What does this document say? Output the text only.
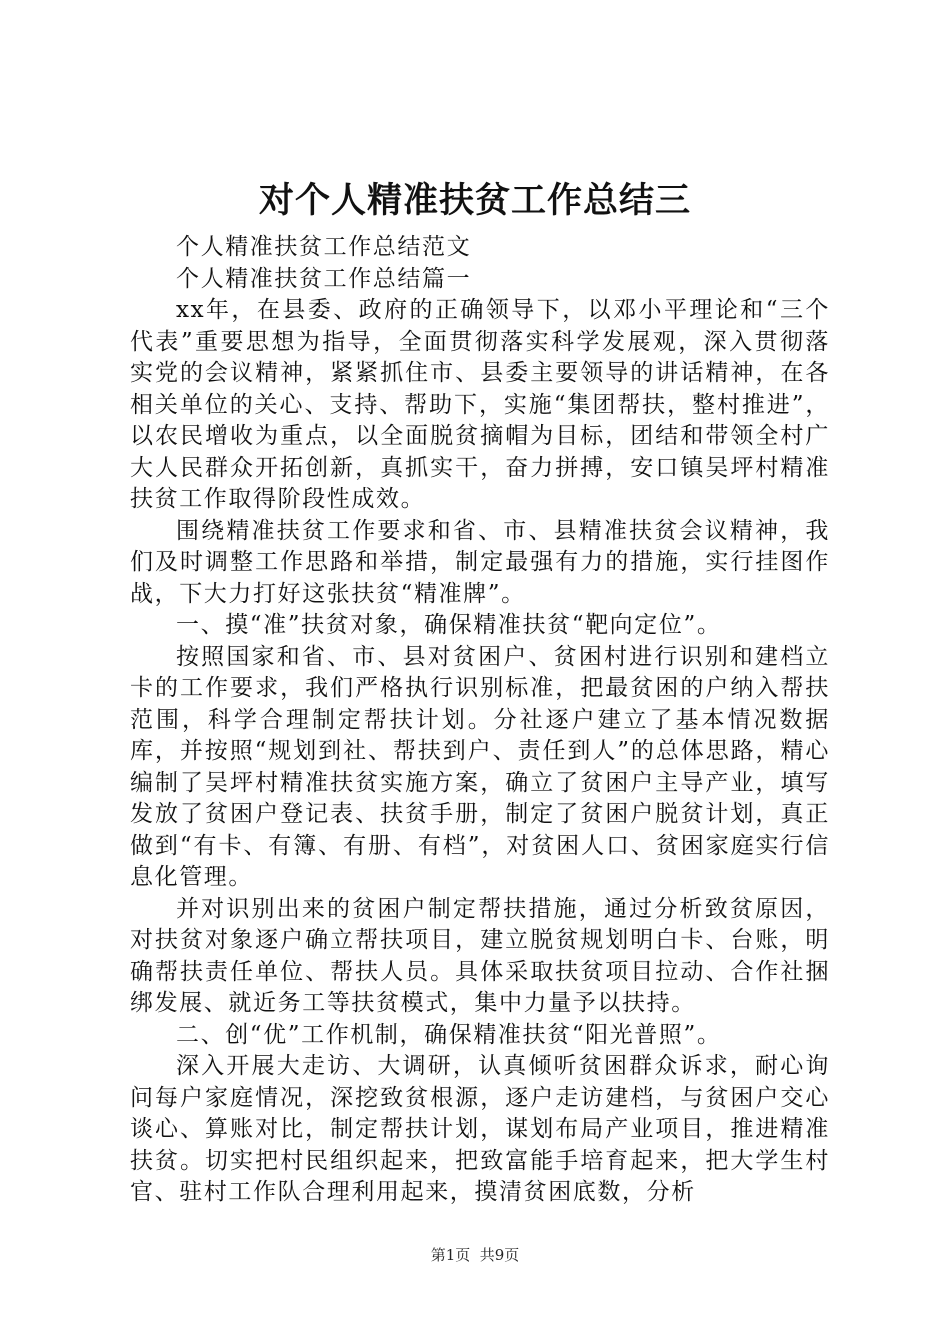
对个人精准扶贫工作总结三

个人精准扶贫工作总结范文

个人精准扶贫工作总结篇一

xx年，在县委、政府的正确领导下，以邓小平理论和“三个代表”重要思想为指导，全面贯彻落实科学发展观，深入贯彻落实党的会议精神，紧紧抓住市、县委主要领导的讲话精神，在各相关单位的关心、支持、帮助下，实施“集团帮扶，整村推进”，以农民增收为重点，以全面脱贫摘帽为目标，团结和带领全村广大人民群众开拓创新，真抓实干，奋力拼搏，安口镇吴坪村精准扶贫工作取得阶段性成效。

围绕精准扶贫工作要求和省、市、县精准扶贫会议精神，我们及时调整工作思路和举措，制定最强有力的措施，实行挂图作战，下大力打好这张扶贫“精准牌”。

一、摸“准”扶贫对象，确保精准扶贫“靶向定位”。

按照国家和省、市、县对贫困户、贫困村进行识别和建档立卡的工作要求，我们严格执行识别标准，把最贫困的户纳入帮扶范围，科学合理制定帮扶计划。分社逐户建立了基本情况数据库，并按照“规划到社、帮扶到户、责任到人”的总体思路，精心编制了吴坪村精准扶贫实施方案，确立了贫困户主导产业，填写发放了贫困户登记表、扶贫手册，制定了贫困户脱贫计划，真正做到“有卡、有簿、有册、有档”，对贫困人口、贫困家庭实行信息化管理。

并对识别出来的贫困户制定帮扶措施，通过分析致贫原因，对扶贫对象逐户确立帮扶项目，建立脱贫规划明白卡、台账，明确帮扶责任单位、帮扶人员。具体采取扶贫项目拉动、合作社捆绑发展、就近务工等扶贫模式，集中力量予以扶持。

二、创“优”工作机制，确保精准扶贫“阳光普照”。

深入开展大走访、大调研，认真倾听贫困群众诉求，耐心询问每户家庭情况，深挖致贫根源，逐户走访建档，与贫困户交心谈心、算账对比，制定帮扶计划，谋划布局产业项目，推进精准扶贫。切实把村民组织起来，把致富能手培育起来，把大学生村官、驻村工作队合理利用起来，摸清贫困底数，分析

第1页  共9页
